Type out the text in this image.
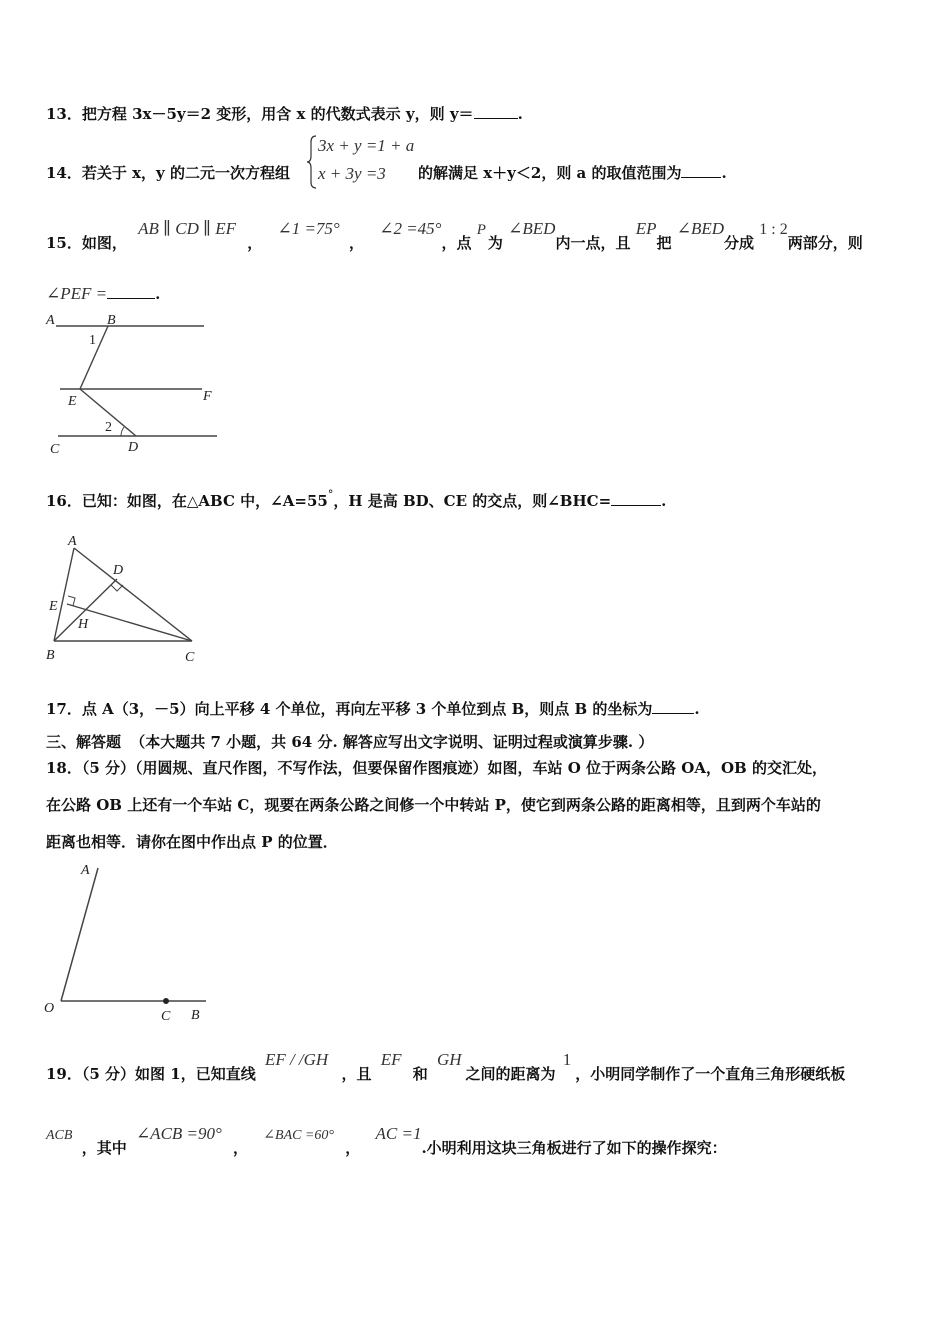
13．把方程 3x－5y＝2 变形，用含 x 的代数式表示 y，则 y＝	.
14．若关于 x，y 的二元一次方程组
3x + y =1 + a
x + 3y =3 的解满足 x＋y＜2，则 a 的取值范围为	.
15．如图， AB ∥ CD ∥ EF ， ∠1 =75° ， ∠2 =45°，点 P为 ∠BED内一点，且 EP把 ∠BED分成 1 : 2两部分，则
∠PEF =	.
A	B
1
E	F
2
C	D
16．已知：如图，在△ABC 中，∠A=55°，H 是高 BD、CE 的交点，则∠BHC=	.
A
D
E
H
B	C
17．点 A（3，－5）向上平移 4 个单位，再向左平移 3 个单位到点 B，则点 B 的坐标为	.
三、解答题 （本大题共 7 小题，共 64 分. 解答应写出文字说明、证明过程或演算步骤. ）
18．（5 分）（用圆规、直尺作图，不写作法，但要保留作图痕迹）如图，车站 O 位于两条公路 OA，OB 的交汇处，
在公路 OB 上还有一个车站 C，现要在两条公路之间修一个中转站 P，使它到两条公路的距离相等，且到两个车站的
距离也相等．请你在图中作出点 P 的位置．
A
O
C B
19．（5 分）如图 1，已知直线 EF / /GH ，且 EF 和 GH之间的距离为 1，小明同学制作了一个直角三角形硬纸板
ACB ，其中 ∠ACB =90° ， ∠BAC =60° ， AC =1.小明利用这块三角板进行了如下的操作探究：
